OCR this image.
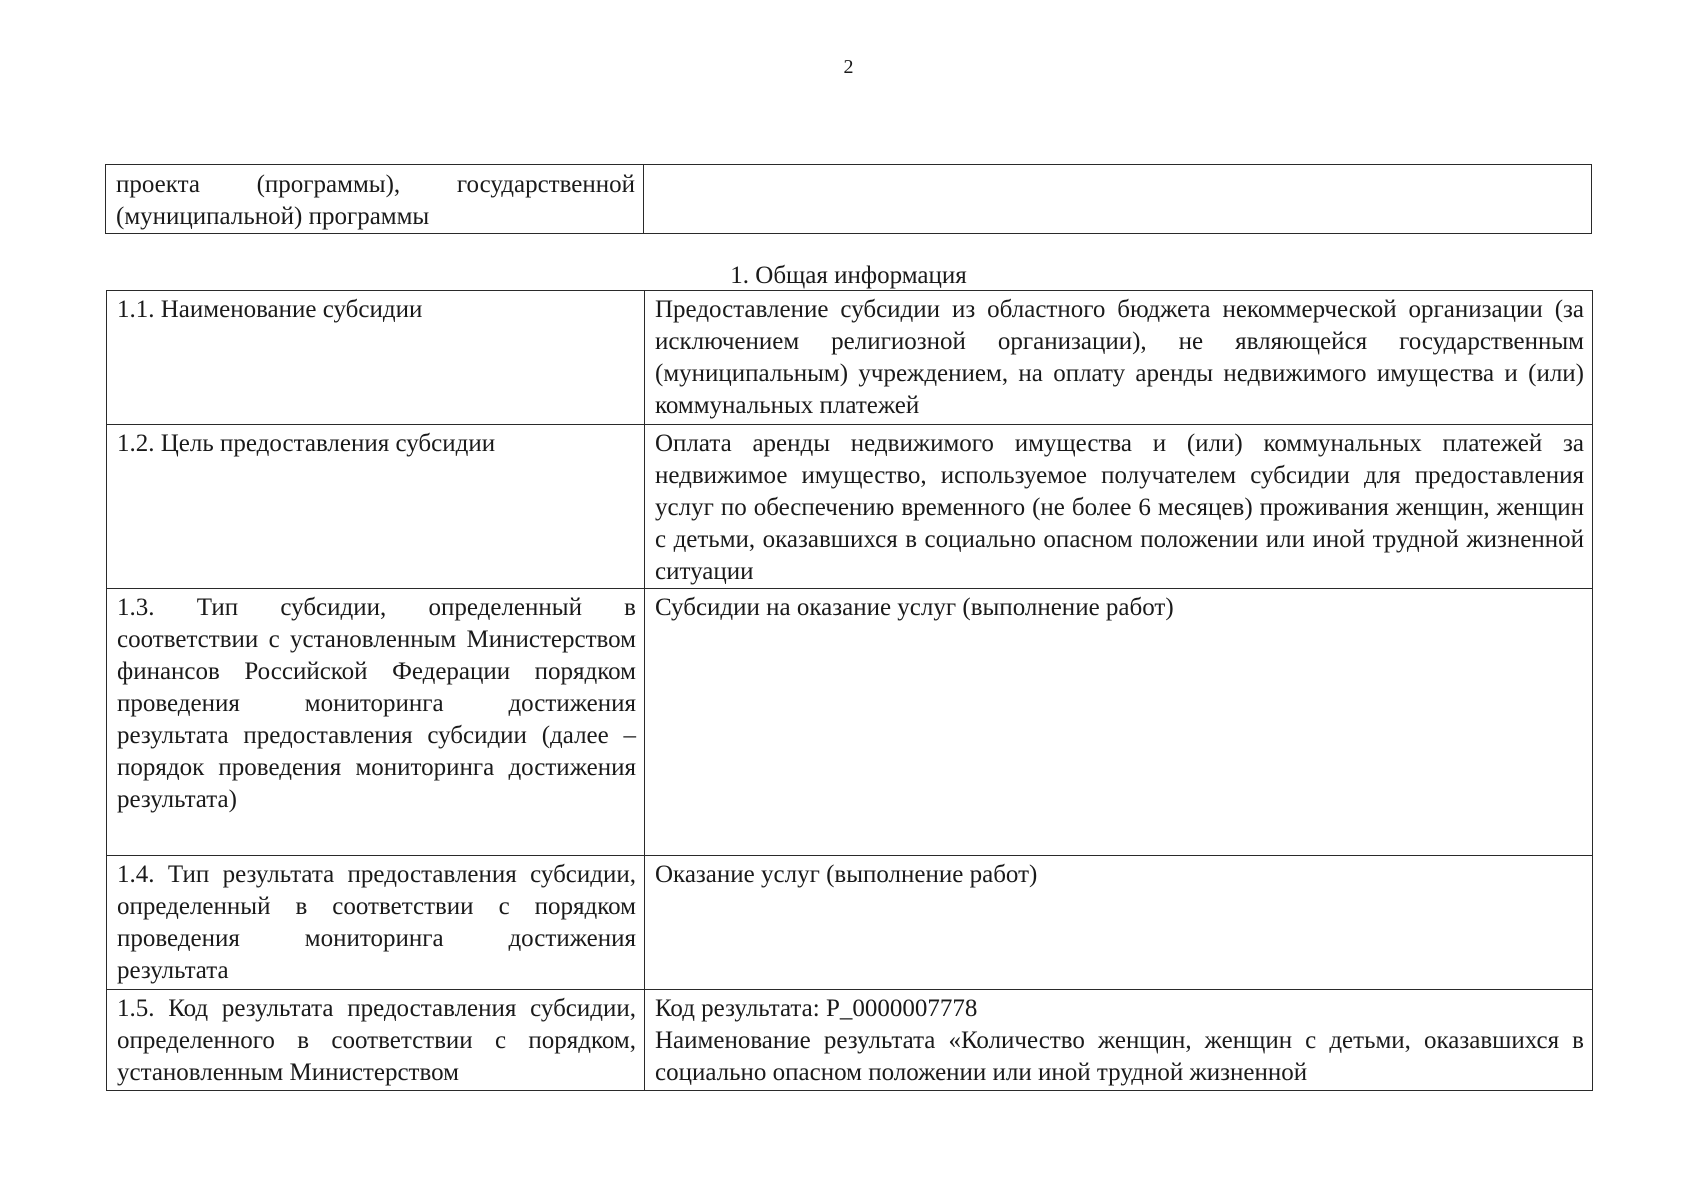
2
проекта (программы), государственной (муниципальной) программы	
1. Общая информация
1.1. Наименование субсидии	Предоставление субсидии из областного бюджета некоммерческой организации (за исключением религиозной организации), не являющейся государственным (муниципальным) учреждением, на оплату аренды недвижимого имущества и (или) коммунальных платежей
1.2. Цель предоставления субсидии	Оплата аренды недвижимого имущества и (или) коммунальных платежей за недвижимое имущество, используемое получателем субсидии для предоставления услуг по обеспечению временного (не более 6 месяцев) проживания женщин, женщин с детьми, оказавшихся в социально опасном положении или иной трудной жизненной ситуации
1.3. Тип субсидии, определенный в соответствии с установленным Министерством финансов Российской Федерации порядком проведения мониторинга достижения результата предоставления субсидии (далее – порядок проведения мониторинга достижения результата)	Субсидии на оказание услуг (выполнение работ)
1.4. Тип результата предоставления субсидии, определенный в соответствии с порядком проведения мониторинга достижения результата	Оказание услуг (выполнение работ)
1.5. Код результата предоставления субсидии, определенного в соответствии с порядком, установленным Министерством	Код результата: Р_0000007778
Наименование результата «Количество женщин, женщин с детьми, оказавшихся в социально опасном положении или иной трудной жизненной
